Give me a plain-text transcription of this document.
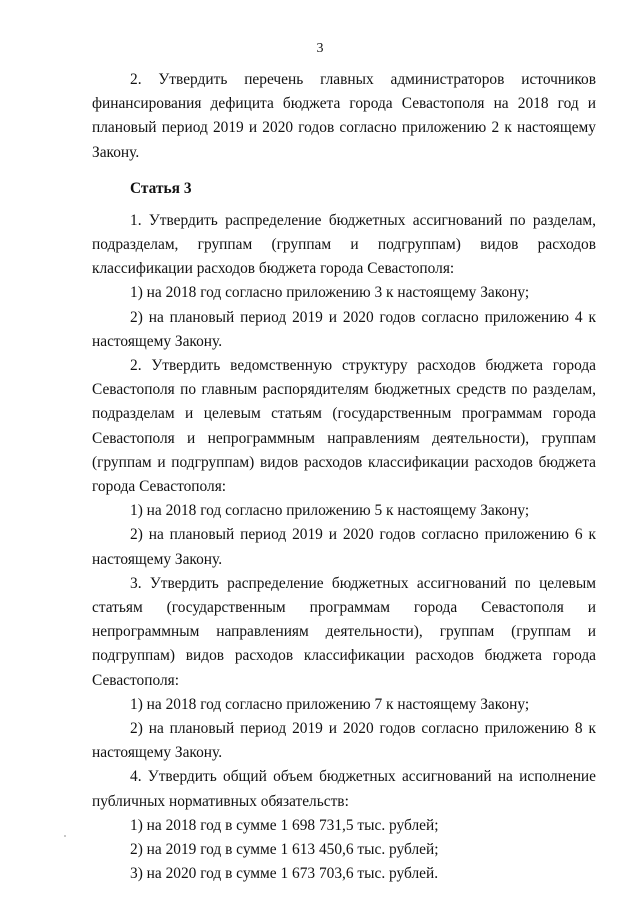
3

2. Утвердить перечень главных администраторов источников финансирования дефицита бюджета города Севастополя на 2018 год и плановый период 2019 и 2020 годов согласно приложению 2 к настоящему Закону.

Статья 3

1. Утвердить распределение бюджетных ассигнований по разделам, подразделам, группам (группам и подгруппам) видов расходов классификации расходов бюджета города Севастополя:

1) на 2018 год согласно приложению 3 к настоящему Закону;

2) на плановый период 2019 и 2020 годов согласно приложению 4 к настоящему Закону.

2. Утвердить ведомственную структуру расходов бюджета города Севастополя по главным распорядителям бюджетных средств по разделам, подразделам и целевым статьям (государственным программам города Севастополя и непрограммным направлениям деятельности), группам (группам и подгруппам) видов расходов классификации расходов бюджета города Севастополя:

1) на 2018 год согласно приложению 5 к настоящему Закону;

2) на плановый период 2019 и 2020 годов согласно приложению 6 к настоящему Закону.

3. Утвердить распределение бюджетных ассигнований по целевым статьям (государственным программам города Севастополя и непрограммным направлениям деятельности), группам (группам и подгруппам) видов расходов классификации расходов бюджета города Севастополя:

1) на 2018 год согласно приложению 7 к настоящему Закону;

2) на плановый период 2019 и 2020 годов согласно приложению 8 к настоящему Закону.

4. Утвердить общий объем бюджетных ассигнований на исполнение публичных нормативных обязательств:

1) на 2018 год в сумме 1 698 731,5 тыс. рублей;

2) на 2019 год в сумме 1 613 450,6 тыс. рублей;

3) на 2020 год в сумме 1 673 703,6 тыс. рублей.
